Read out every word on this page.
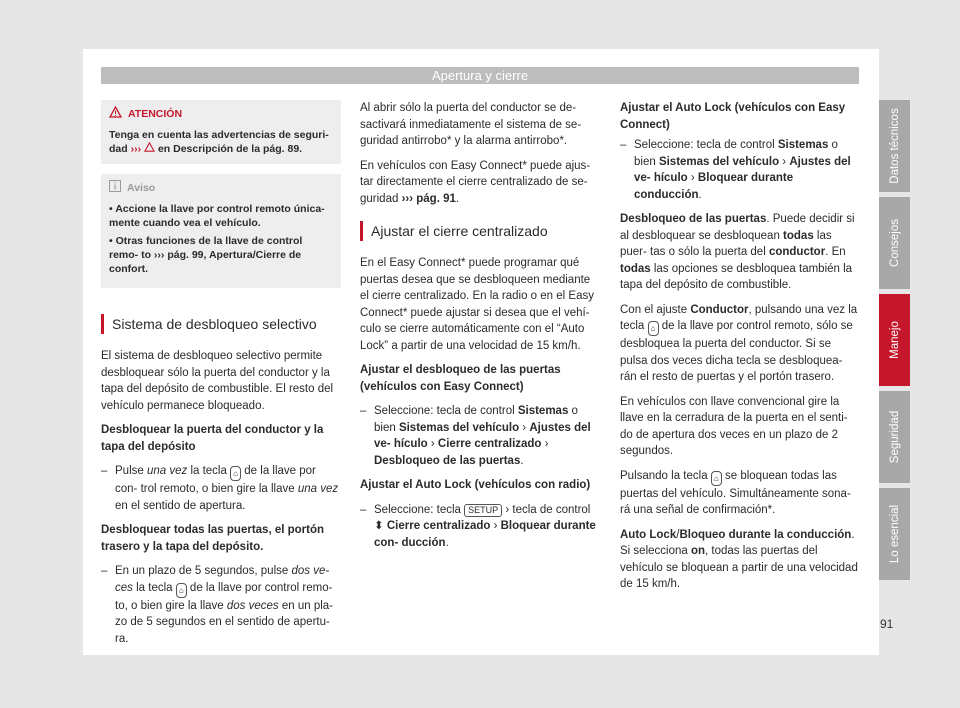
Apertura y cierre
ATENCIÓN

Tenga en cuenta las advertencias de seguri- dad ››› en Descripción de la pág. 89.

Aviso

• Accione la llave por control remoto única- mente cuando vea el vehículo.

• Otras funciones de la llave de control remo- to ››› pág. 99, Apertura/Cierre de confort.

Sistema de desbloqueo selectivo

El sistema de desbloqueo selectivo permite desbloquear sólo la puerta del conductor y la tapa del depósito de combustible. El resto del vehículo permanece bloqueado.

Desbloquear la puerta del conductor y la tapa del depósito

– Pulse una vez la tecla ⌂ de la llave por con- trol remoto, o bien gire la llave una vez en el sentido de apertura.

Desbloquear todas las puertas, el portón trasero y la tapa del depósito.

– En un plazo de 5 segundos, pulse dos ve- ces la tecla ⌂ de la llave por control remo- to, o bien gire la llave dos veces en un pla- zo de 5 segundos en el sentido de apertu- ra.

Al abrir sólo la puerta del conductor se de- sactivará inmediatamente el sistema de se- guridad antirrobo* y la alarma antirrobo*.

En vehículos con Easy Connect* puede ajus- tar directamente el cierre centralizado de se- guridad ››› pág. 91.

Ajustar el cierre centralizado

En el Easy Connect* puede programar qué puertas desea que se desbloqueen mediante el cierre centralizado. En la radio o en el Easy Connect* puede ajustar si desea que el vehí- culo se cierre automáticamente con el “Auto Lock” a partir de una velocidad de 15 km/h.

Ajustar el desbloqueo de las puertas (vehículos con Easy Connect)

– Seleccione: tecla de control Sistemas o bien Sistemas del vehículo › Ajustes del ve- hículo › Cierre centralizado › Desbloqueo de las puertas.

Ajustar el Auto Lock (vehículos con radio)

– Seleccione: tecla SETUP › tecla de control ⬍ Cierre centralizado › Bloquear durante con- ducción.

Ajustar el Auto Lock (vehículos con Easy Connect)

– Seleccione: tecla de control Sistemas o bien Sistemas del vehículo › Ajustes del ve- hículo › Bloquear durante conducción.

Desbloqueo de las puertas. Puede decidir si al desbloquear se desbloquean todas las puer- tas o sólo la puerta del conductor. En todas las opciones se desbloquea también la tapa del depósito de combustible.

Con el ajuste Conductor, pulsando una vez la tecla ⌂ de la llave por control remoto, sólo se desbloquea la puerta del conductor. Si se pulsa dos veces dicha tecla se desbloquea- rán el resto de puertas y el portón trasero.

En vehículos con llave convencional gire la llave en la cerradura de la puerta en el senti- do de apertura dos veces en un plazo de 2 segundos.

Pulsando la tecla ⌂ se bloquean todas las puertas del vehículo. Simultáneamente sona- rá una señal de confirmación*.

Auto Lock/Bloqueo durante la conducción. Si selecciona on, todas las puertas del vehículo se bloquean a partir de una velocidad de 15 km/h.

Datos técnicos
Consejos
Manejo
Seguridad
Lo esencial
91
